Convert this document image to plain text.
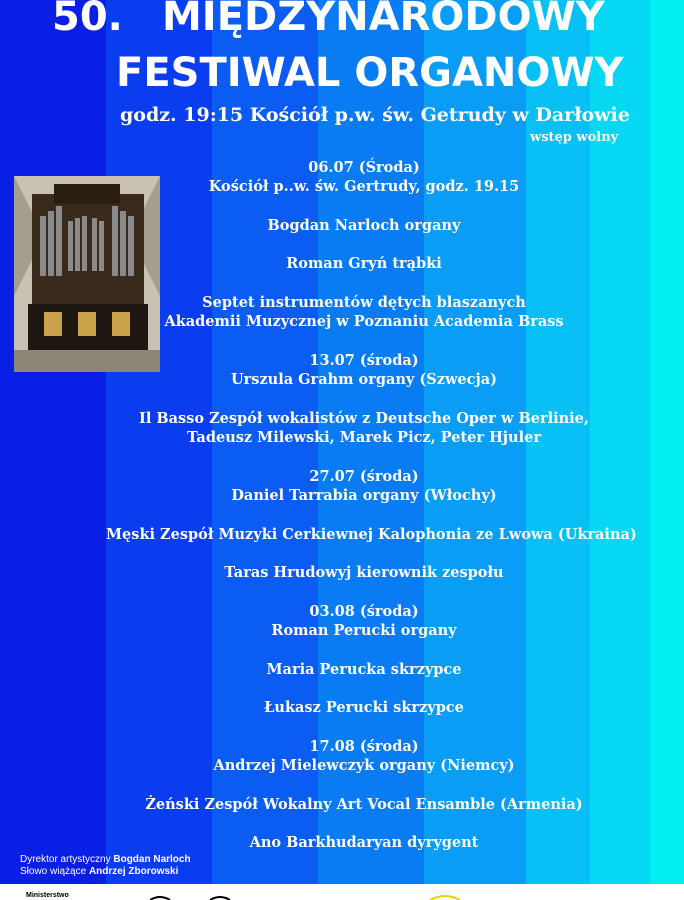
50. MIĘDZYNARODOWY
FESTIWAL ORGANOWY
godz. 19:15 Kościół p.w. św. Getrudy w Darłowie
wstęp wolny
06.07 (Środa)
Kościół p..w. św. Gertrudy, godz. 19.15
Bogdan Narloch organy
Roman Gryń trąbki
Septet instrumentów dętych blaszanych
Akademii Muzycznej w Poznaniu Academia Brass
13.07 (środa)
Urszula Grahm organy (Szwecja)
Il Basso Zespół wokalistów z Deutsche Oper w Berlinie,
Tadeusz Milewski, Marek Picz, Peter Hjuler
27.07 (środa)
Daniel Tarrabia organy (Włochy)
Męski Zespół Muzyki Cerkiewnej Kalophonia ze Lwowa (Ukraina)
Taras Hrudowyj kierownik zespołu
03.08 (środa)
Roman Perucki organy
Maria Perucka skrzypce
Łukasz Perucki skrzypce
17.08 (środa)
Andrzej Mielewczyk organy (Niemcy)
Żeński Zespół Wokalny Art Vocal Ensamble (Armenia)
Ano Barkhudaryan dyrygent
Dyrektor artystyczny Bogdan Narloch
Słowo wiążące Andrzej Zborowski
Ministerstwo
